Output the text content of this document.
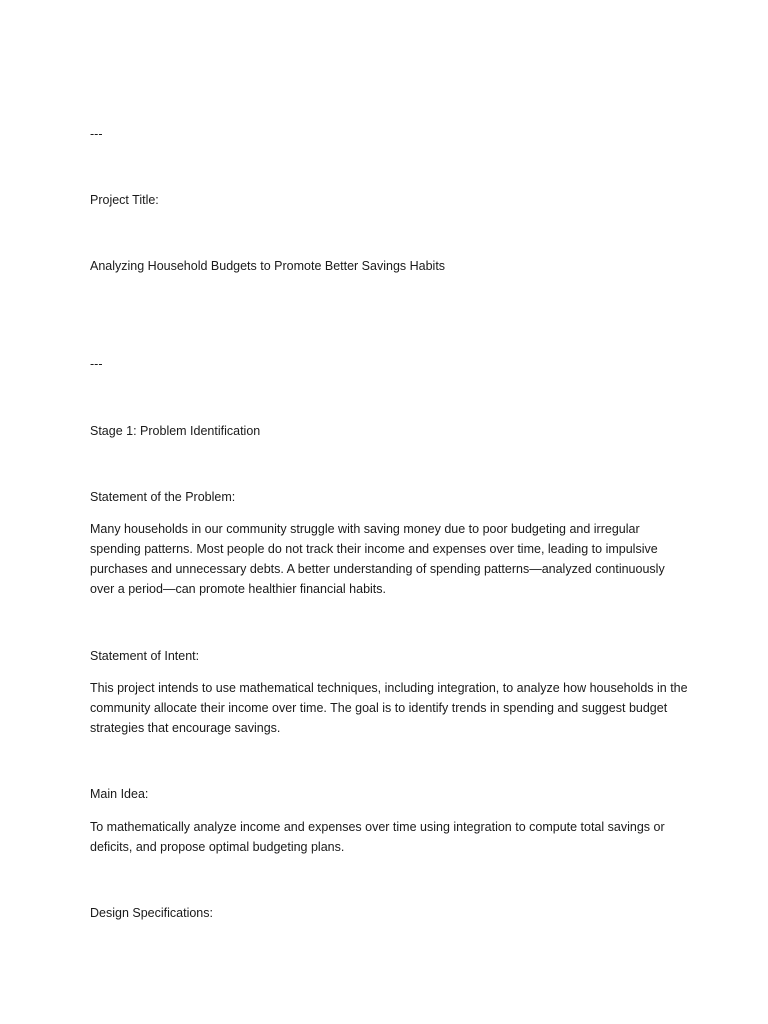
---
Project Title:
Analyzing Household Budgets to Promote Better Savings Habits
---
Stage 1: Problem Identification
Statement of the Problem:
Many households in our community struggle with saving money due to poor budgeting and irregular spending patterns. Most people do not track their income and expenses over time, leading to impulsive purchases and unnecessary debts. A better understanding of spending patterns—analyzed continuously over a period—can promote healthier financial habits.
Statement of Intent:
This project intends to use mathematical techniques, including integration, to analyze how households in the community allocate their income over time. The goal is to identify trends in spending and suggest budget strategies that encourage savings.
Main Idea:
To mathematically analyze income and expenses over time using integration to compute total savings or deficits, and propose optimal budgeting plans.
Design Specifications:
